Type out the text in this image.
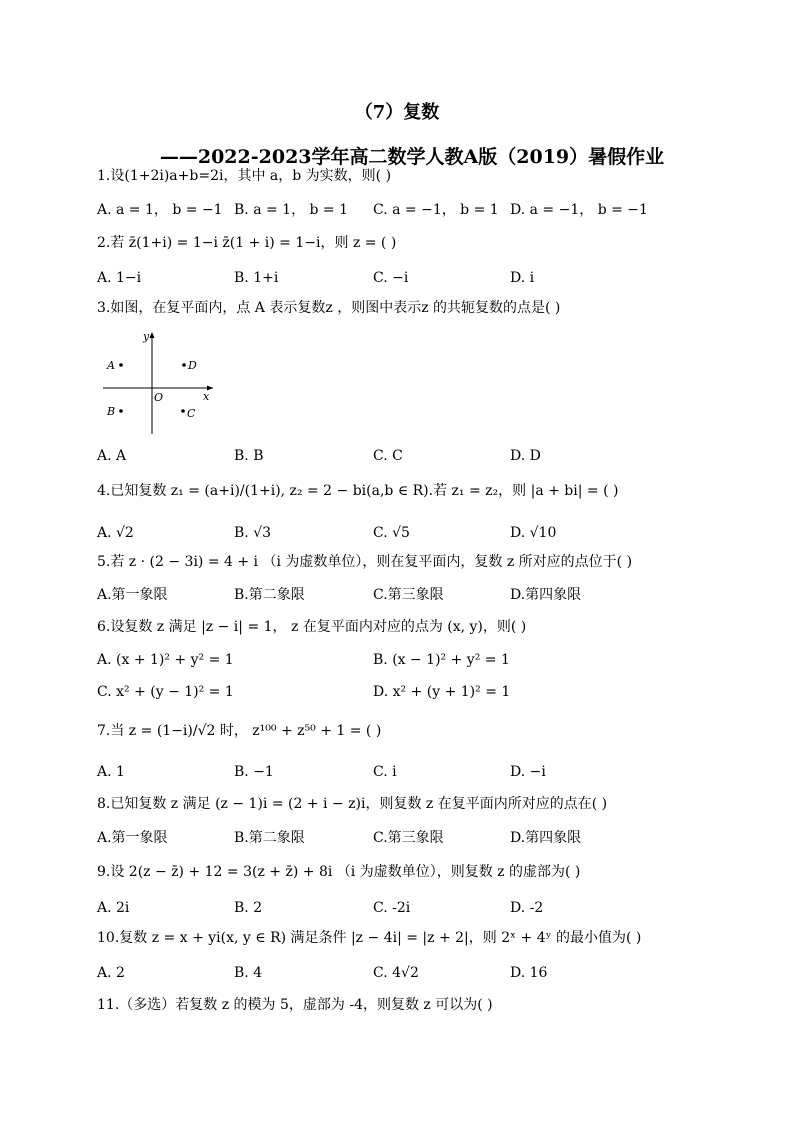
（7）复数
——2022-2023学年高二数学人教A版（2019）暑假作业
1.设(1+2i)a+b=2i，其中 a，b 为实数，则( )
A. a = 1， b = −1 B. a = 1， b = 1 C. a = −1， b = 1 D. a = −1， b = −1
2.若 z̄(1+i) = 1−i z̄(1 + i) = 1−i，则 z = ( )
A. 1−i	B. 1+i	C. −i	D. i
3.如图，在复平面内，点 A 表示复数z ，则图中表示z 的共轭复数的点是( )
y
x
O
A	D
B	C
A. A	B. B	C. C	D. D
4.已知复数 z₁ = (a+i)/(1+i), z₂ = 2 − bi(a,b ∈ R).若 z₁ = z₂，则 |a + bi| = ( )
A. √2	B. √3	C. √5	D. √10
5.若 z · (2 − 3i) = 4 + i （i 为虚数单位），则在复平面内，复数 z 所对应的点位于( )
A.第一象限	B.第二象限	C.第三象限	D.第四象限
6.设复数 z 满足 |z − i| = 1， z 在复平面内对应的点为 (x, y)，则( )
A. (x + 1)² + y² = 1	B. (x − 1)² + y² = 1
C. x² + (y − 1)² = 1	D. x² + (y + 1)² = 1
7.当 z = (1−i)/√2 时， z¹⁰⁰ + z⁵⁰ + 1 = ( )
A. 1	B. −1	C. i	D. −i
8.已知复数 z 满足 (z − 1)i = (2 + i − z)i，则复数 z 在复平面内所对应的点在( )
A.第一象限	B.第二象限	C.第三象限	D.第四象限
9.设 2(z − z̄) + 12 = 3(z + z̄) + 8i （i 为虚数单位），则复数 z 的虚部为( )
A. 2i	B. 2	C. -2i	D. -2
10.复数 z = x + yi(x, y ∈ R) 满足条件 |z − 4i| = |z + 2|，则 2ˣ + 4ʸ 的最小值为( )
A. 2	B. 4	C. 4√2	D. 16
11.（多选）若复数 z 的模为 5，虚部为 -4，则复数 z 可以为( )
